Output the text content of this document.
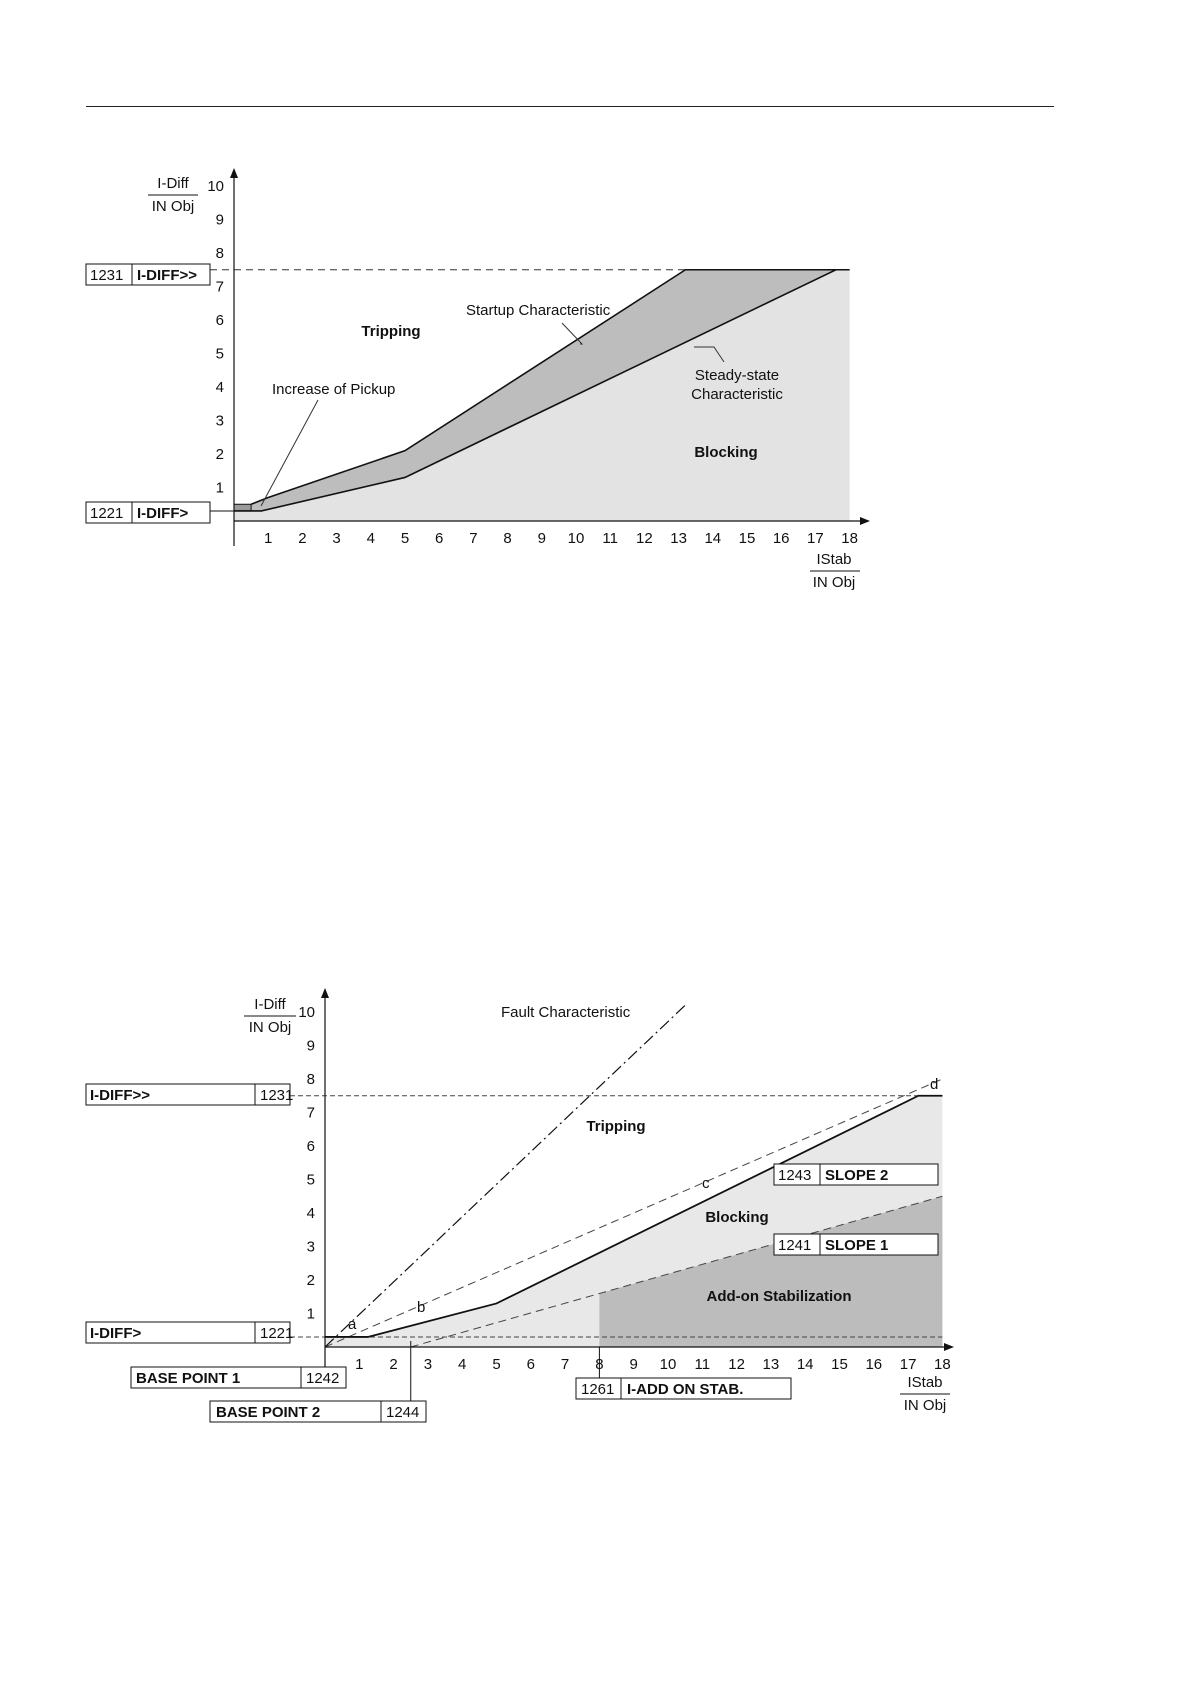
1 2 3 4 5 6 7 8 9 10 11 12 13 14 15 16 17 18
1
2
3
4
5
6
7
8
9
10
I-Diff
IN Obj
IStab
IN Obj
Tripping
Blocking
Startup Characteristic
Increase of Pickup
Steady-state
Characteristic
1231 I-DIFF>>
1221 I-DIFF>
1 2 3 4 5 6 7 8 9 10 11 12 13 14 15 16 17 18
1
2
3
4
5
6
7
8
9
10
I-Diff
IN Obj
IStab
IN Obj
Tripping
Blocking
Add-on Stabilization
Fault Characteristic
a
b
c
d
I-DIFF>>	1231
I-DIFF>	1221
1243 SLOPE 2
1241 SLOPE 1
BASE POINT 1	1242
BASE POINT 2	1244
1261 I-ADD ON STAB.
